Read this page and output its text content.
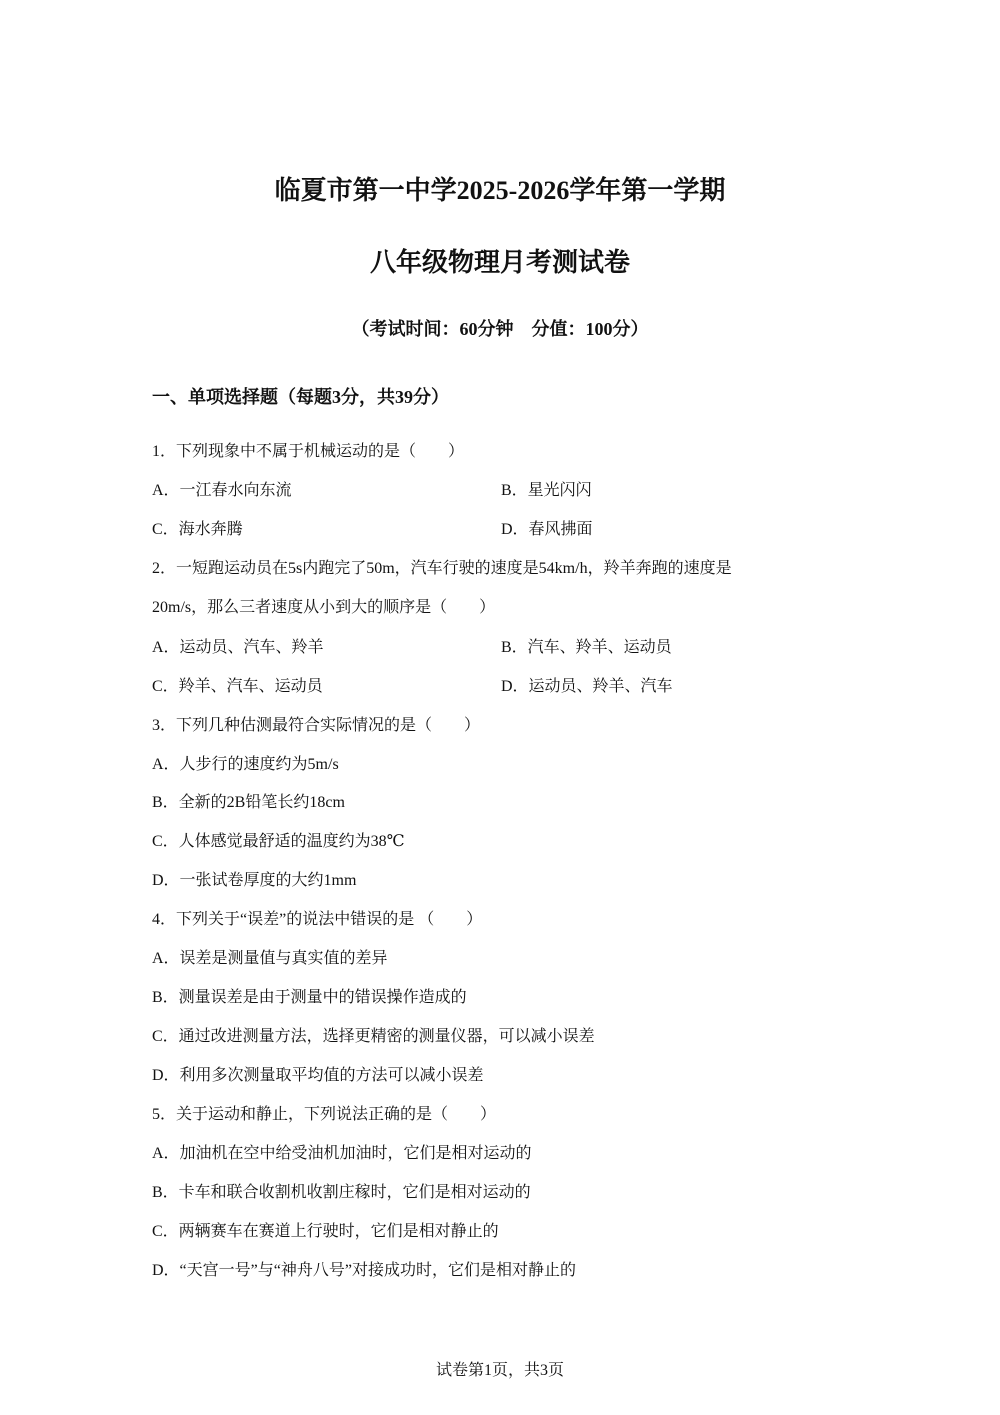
临夏市第一中学2025-2026学年第一学期
八年级物理月考测试卷
（考试时间：60分钟　分值：100分）
一、单项选择题（每题3分，共39分）
1．下列现象中不属于机械运动的是（　　）
A．一江春水向东流	B．星光闪闪
C．海水奔腾	D．春风拂面
2．一短跑运动员在5s内跑完了50m，汽车行驶的速度是54km/h，羚羊奔跑的速度是
20m/s，那么三者速度从小到大的顺序是（　　）
A．运动员、汽车、羚羊	B．汽车、羚羊、运动员
C．羚羊、汽车、运动员	D．运动员、羚羊、汽车
3．下列几种估测最符合实际情况的是（　　）
A．人步行的速度约为5m/s
B．全新的2B铅笔长约18cm
C．人体感觉最舒适的温度约为38℃
D．一张试卷厚度的大约1mm
4．下列关于“误差”的说法中错误的是 （　　）
A．误差是测量值与真实值的差异
B．测量误差是由于测量中的错误操作造成的
C．通过改进测量方法，选择更精密的测量仪器，可以减小误差
D．利用多次测量取平均值的方法可以减小误差
5．关于运动和静止，下列说法正确的是（　　）
A．加油机在空中给受油机加油时，它们是相对运动的
B．卡车和联合收割机收割庄稼时，它们是相对运动的
C．两辆赛车在赛道上行驶时，它们是相对静止的
D．“天宫一号”与“神舟八号”对接成功时，它们是相对静止的
试卷第1页，共3页
